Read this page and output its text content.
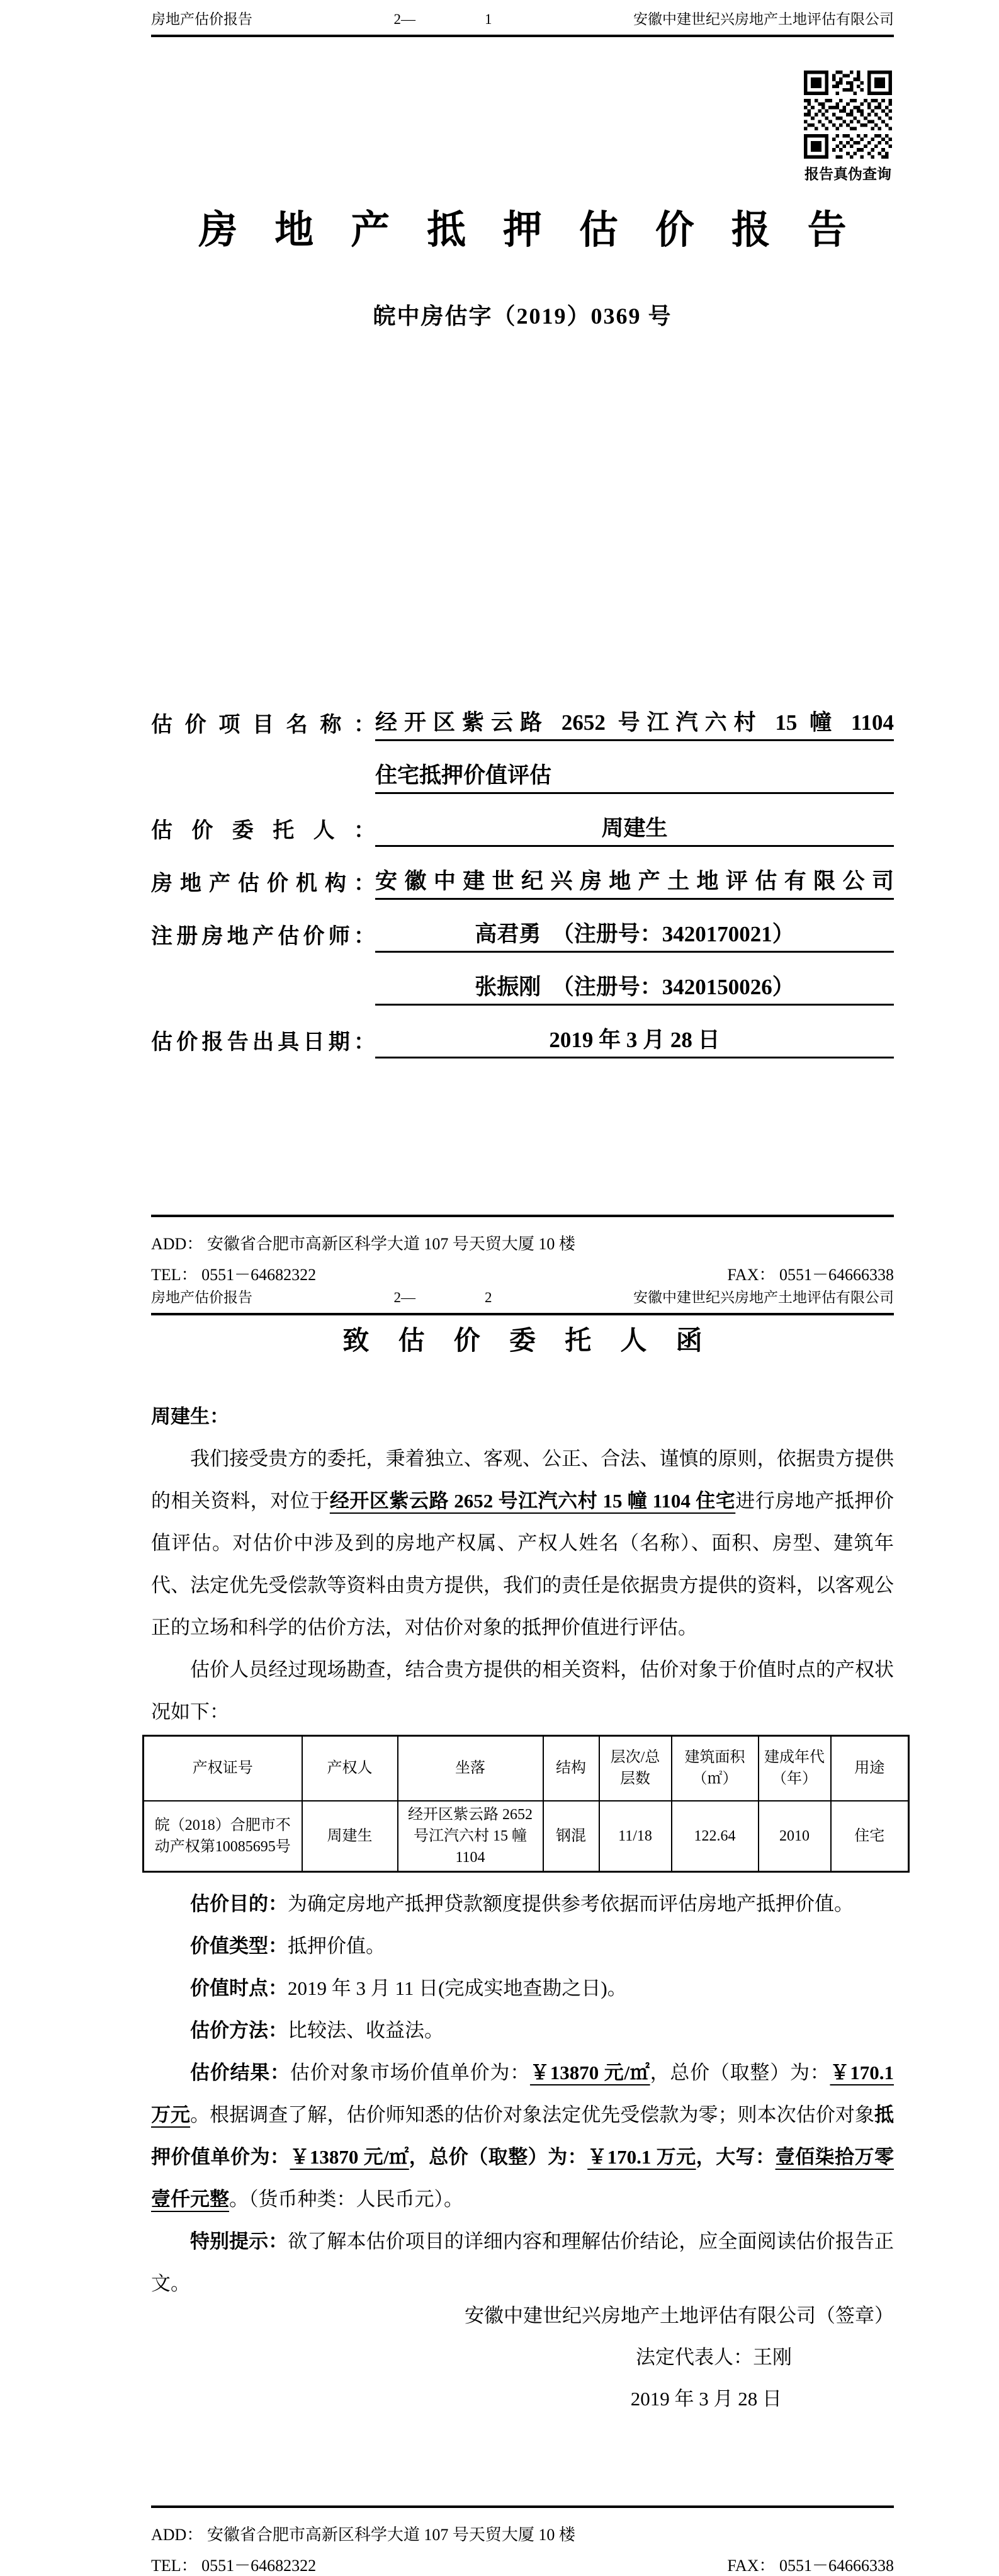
房地产估价报告	2—	1	安徽中建世纪兴房地产土地评估有限公司
报告真伪查询
房地产抵押估价报告
皖中房估字（2019）0369 号
估价项目名称： 经开区紫云路 2652 号江汽六村 15 幢 1104
住宅抵押价值评估
估价委托人：	周建生
房地产估价机构： 安徽中建世纪兴房地产土地评估有限公司
注册房地产估价师：	高君勇　（注册号：3420170021）
张振刚　（注册号：3420150026）
估价报告出具日期：	2019 年 3 月 28 日
ADD： 安徽省合肥市高新区科学大道 107 号天贸大厦 10 楼
TEL： 0551－64682322	FAX： 0551－64666338
房地产估价报告	2—	2	安徽中建世纪兴房地产土地评估有限公司
致估价委托人函

周建生：

我们接受贵方的委托，秉着独立、客观、公正、合法、谨慎的原则，依据贵方提供的相关资料，对位于经开区紫云路 2652 号江汽六村 15 幢 1104 住宅进行房地产抵押价值评估。对估价中涉及到的房地产权属、产权人姓名（名称）、面积、房型、建筑年代、法定优先受偿款等资料由贵方提供，我们的责任是依据贵方提供的资料，以客观公正的立场和科学的估价方法，对估价对象的抵押价值进行评估。

估价人员经过现场勘查，结合贵方提供的相关资料，估价对象于价值时点的产权状况如下：

产权证号	产权人	坐落	结构	层次/总层数	建筑面积（㎡）	建成年代（年）	用途
皖（2018）合肥市不动产权第10085695号	周建生	经开区紫云路 2652 号江汽六村 15 幢 1104	钢混	11/18	122.64	2010	住宅

估价目的：为确定房地产抵押贷款额度提供参考依据而评估房地产抵押价值。

价值类型：抵押价值。

价值时点：2019 年 3 月 11 日(完成实地查勘之日)。

估价方法：比较法、收益法。

估价结果：估价对象市场价值单价为：￥13870 元/㎡，总价（取整）为：￥170.1 万元。根据调查了解，估价师知悉的估价对象法定优先受偿款为零；则本次估价对象抵押价值单价为：￥13870 元/㎡，总价（取整）为：￥170.1 万元，大写：壹佰柒拾万零壹仟元整。（货币种类：人民币元）。

特别提示：欲了解本估价项目的详细内容和理解估价结论，应全面阅读估价报告正文。

安徽中建世纪兴房地产土地评估有限公司（签章）

法定代表人：王刚

2019 年 3 月 28 日

ADD： 安徽省合肥市高新区科学大道 107 号天贸大厦 10 楼
TEL： 0551－64682322	FAX： 0551－64666338
